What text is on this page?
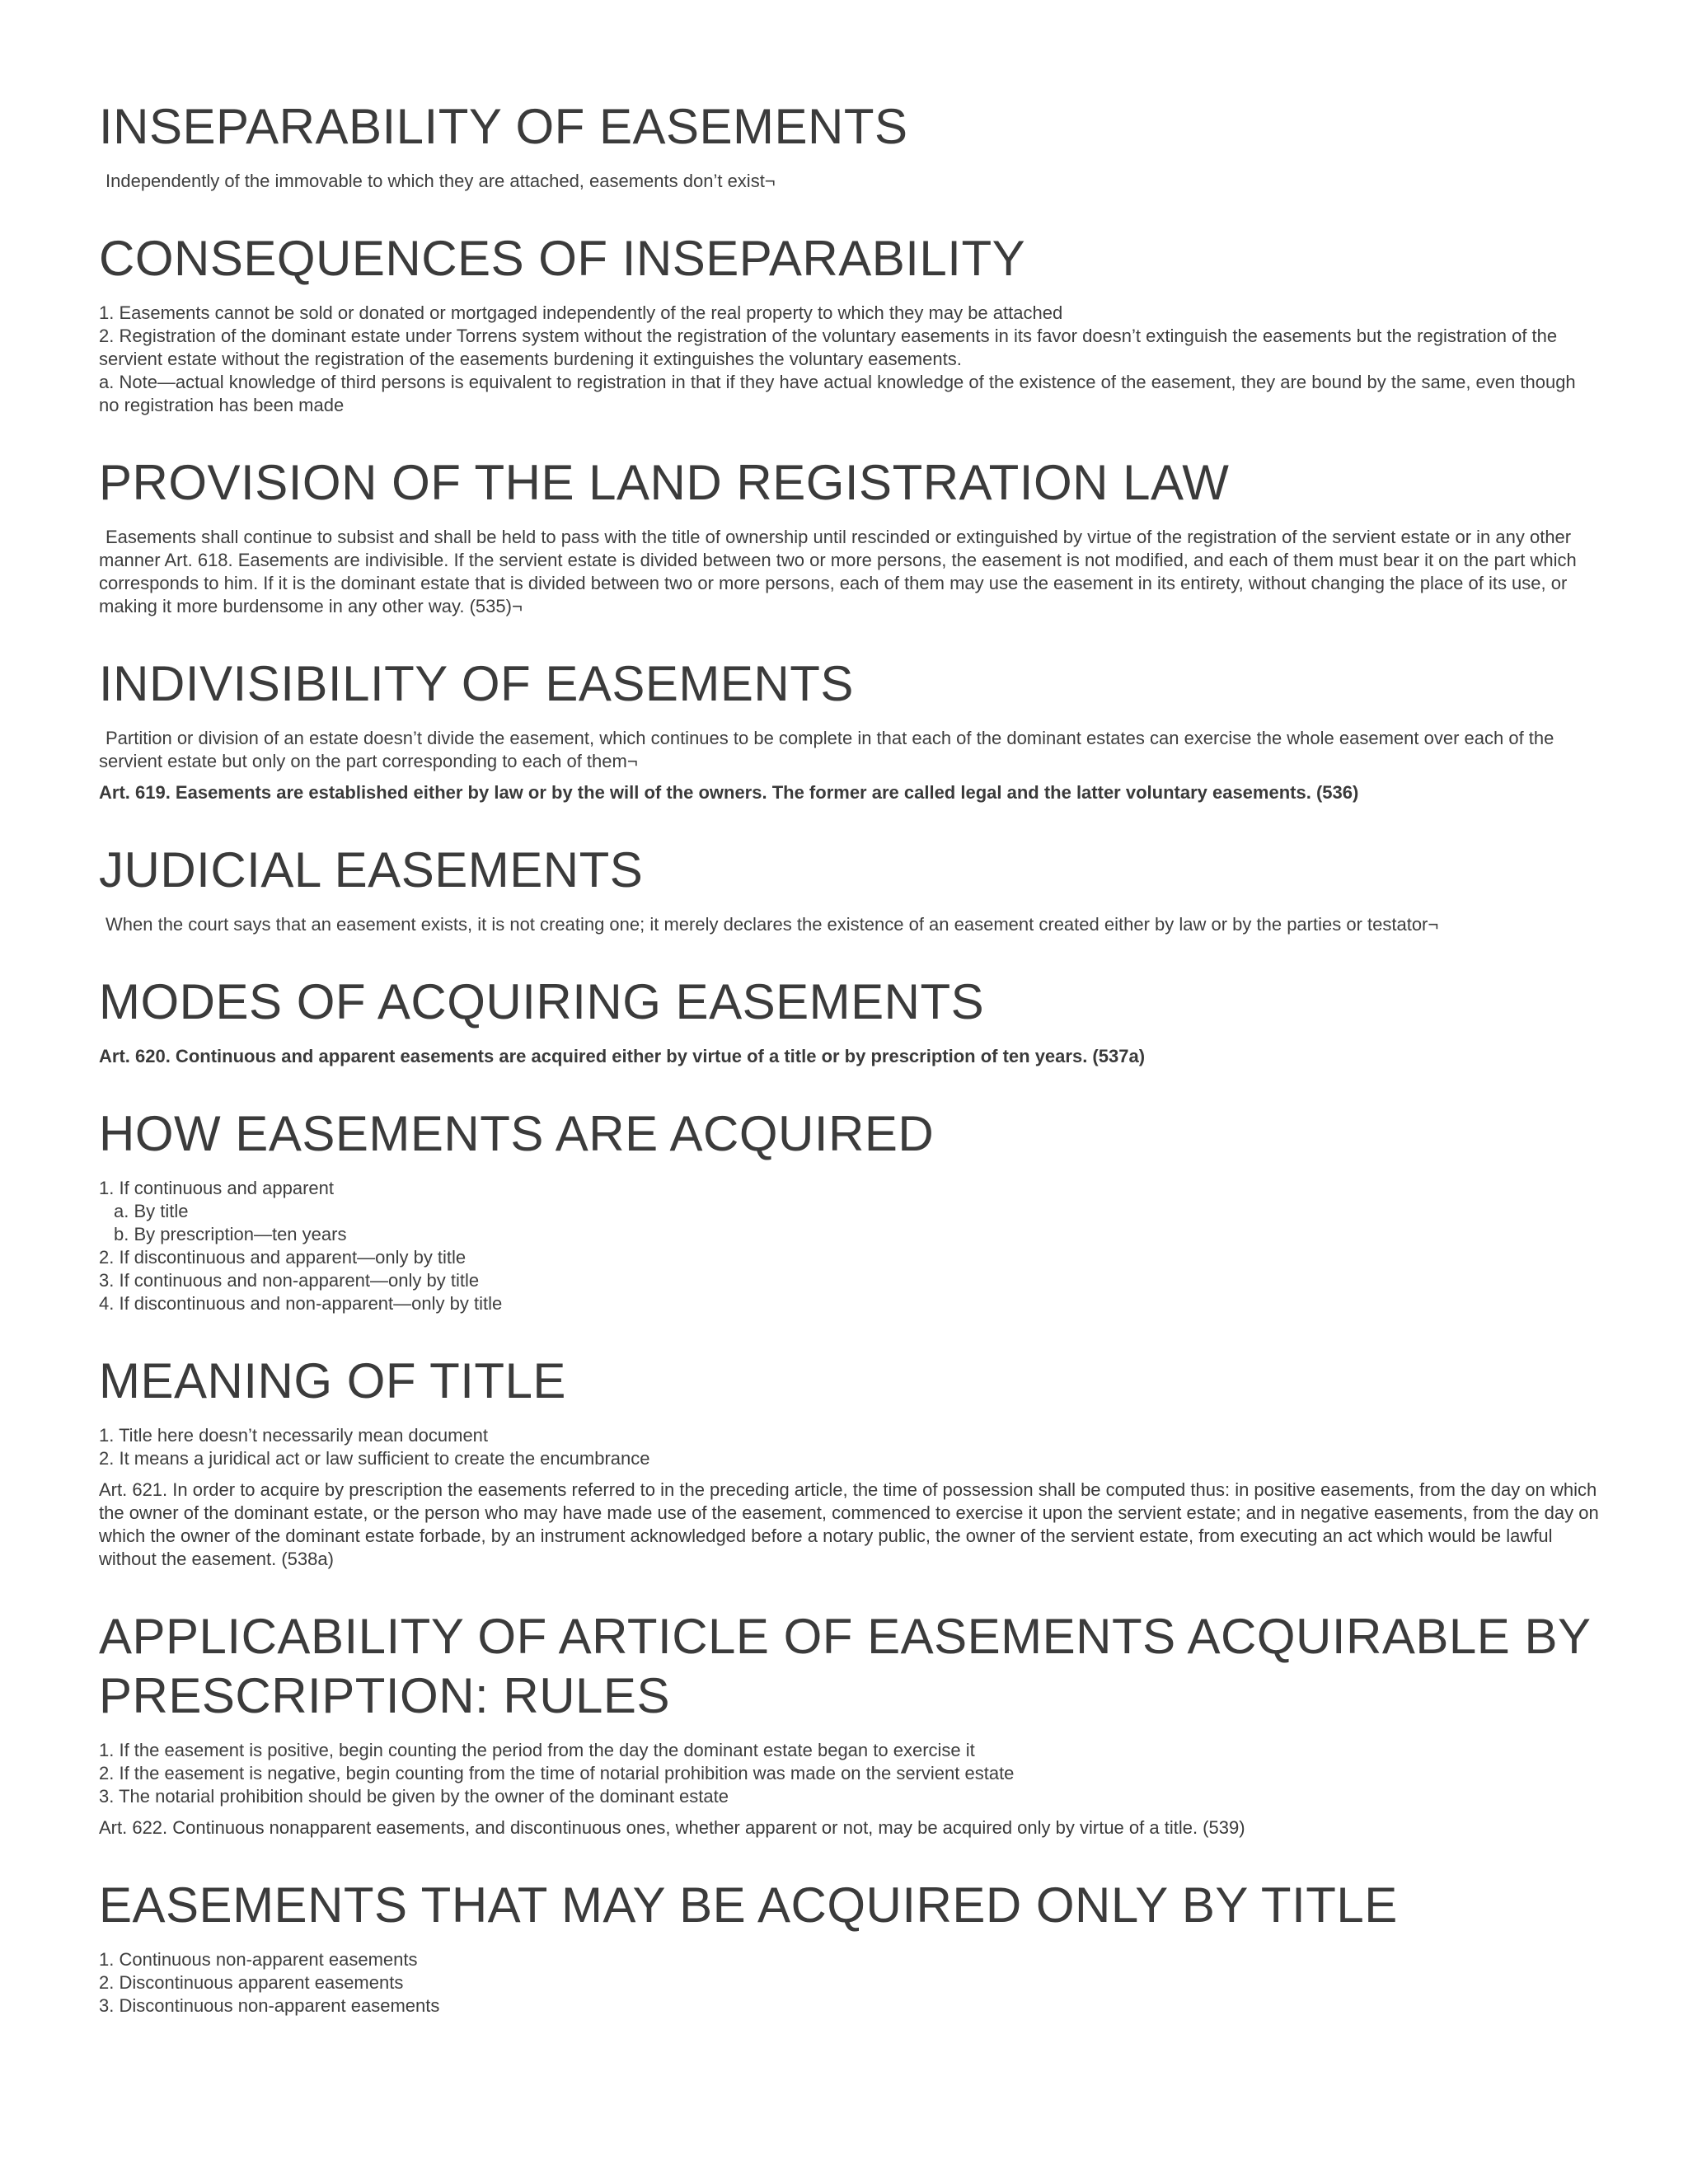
INSEPARABILITY OF EASEMENTS

Independently of the immovable to which they are attached, easements don’t exist¬

CONSEQUENCES OF INSEPARABILITY
1. Easements cannot be sold or donated or mortgaged independently of the real property to which they may be attached
2. Registration of the dominant estate under Torrens system without the registration of the voluntary easements in its favor doesn’t extinguish the easements but the registration of the servient estate without the registration of the easements burdening it extinguishes the voluntary easements.
a. Note—actual knowledge of third persons is equivalent to registration in that if they have actual knowledge of the existence of the easement, they are bound by the same, even though no registration has been made
PROVISION OF THE LAND REGISTRATION LAW

Easements shall continue to subsist and shall be held to pass with the title of ownership until rescinded or extinguished by virtue of the registration of the servient estate or in any other manner Art. 618. Easements are indivisible. If the servient estate is divided between two or more persons, the easement is not modified, and each of them must bear it on the part which corresponds to him. If it is the dominant estate that is divided between two or more persons, each of them may use the easement in its entirety, without changing the place of its use, or making it more burdensome in any other way. (535)¬

INDIVISIBILITY OF EASEMENTS

Partition or division of an estate doesn’t divide the easement, which continues to be complete in that each of the dominant estates can exercise the whole easement over each of the servient estate but only on the part corresponding to each of them¬

Art. 619. Easements are established either by law or by the will of the owners. The former are called legal and the latter voluntary easements. (536)

JUDICIAL EASEMENTS

When the court says that an easement exists, it is not creating one; it merely declares the existence of an easement created either by law or by the parties or testator¬

MODES OF ACQUIRING EASEMENTS

Art. 620. Continuous and apparent easements are acquired either by virtue of a title or by prescription of ten years. (537a)

HOW EASEMENTS ARE ACQUIRED
1. If continuous and apparent
a. By title
b. By prescription—ten years
2. If discontinuous and apparent—only by title
3. If continuous and non-apparent—only by title
4. If discontinuous and non-apparent—only by title
MEANING OF TITLE
1. Title here doesn’t necessarily mean document
2. It means a juridical act or law sufficient to create the encumbrance

Art. 621. In order to acquire by prescription the easements referred to in the preceding article, the time of possession shall be computed thus: in positive easements, from the day on which the owner of the dominant estate, or the person who may have made use of the easement, commenced to exercise it upon the servient estate; and in negative easements, from the day on which the owner of the dominant estate forbade, by an instrument acknowledged before a notary public, the owner of the servient estate, from executing an act which would be lawful without the easement. (538a)

APPLICABILITY OF ARTICLE OF EASEMENTS ACQUIRABLE BY PRESCRIPTION: RULES
1. If the easement is positive, begin counting the period from the day the dominant estate began to exercise it
2. If the easement is negative, begin counting from the time of notarial prohibition was made on the servient estate
3. The notarial prohibition should be given by the owner of the dominant estate

Art. 622. Continuous nonapparent easements, and discontinuous ones, whether apparent or not, may be acquired only by virtue of a title. (539)

EASEMENTS THAT MAY BE ACQUIRED ONLY BY TITLE
1. Continuous non-apparent easements
2. Discontinuous apparent easements
3. Discontinuous non-apparent easements
